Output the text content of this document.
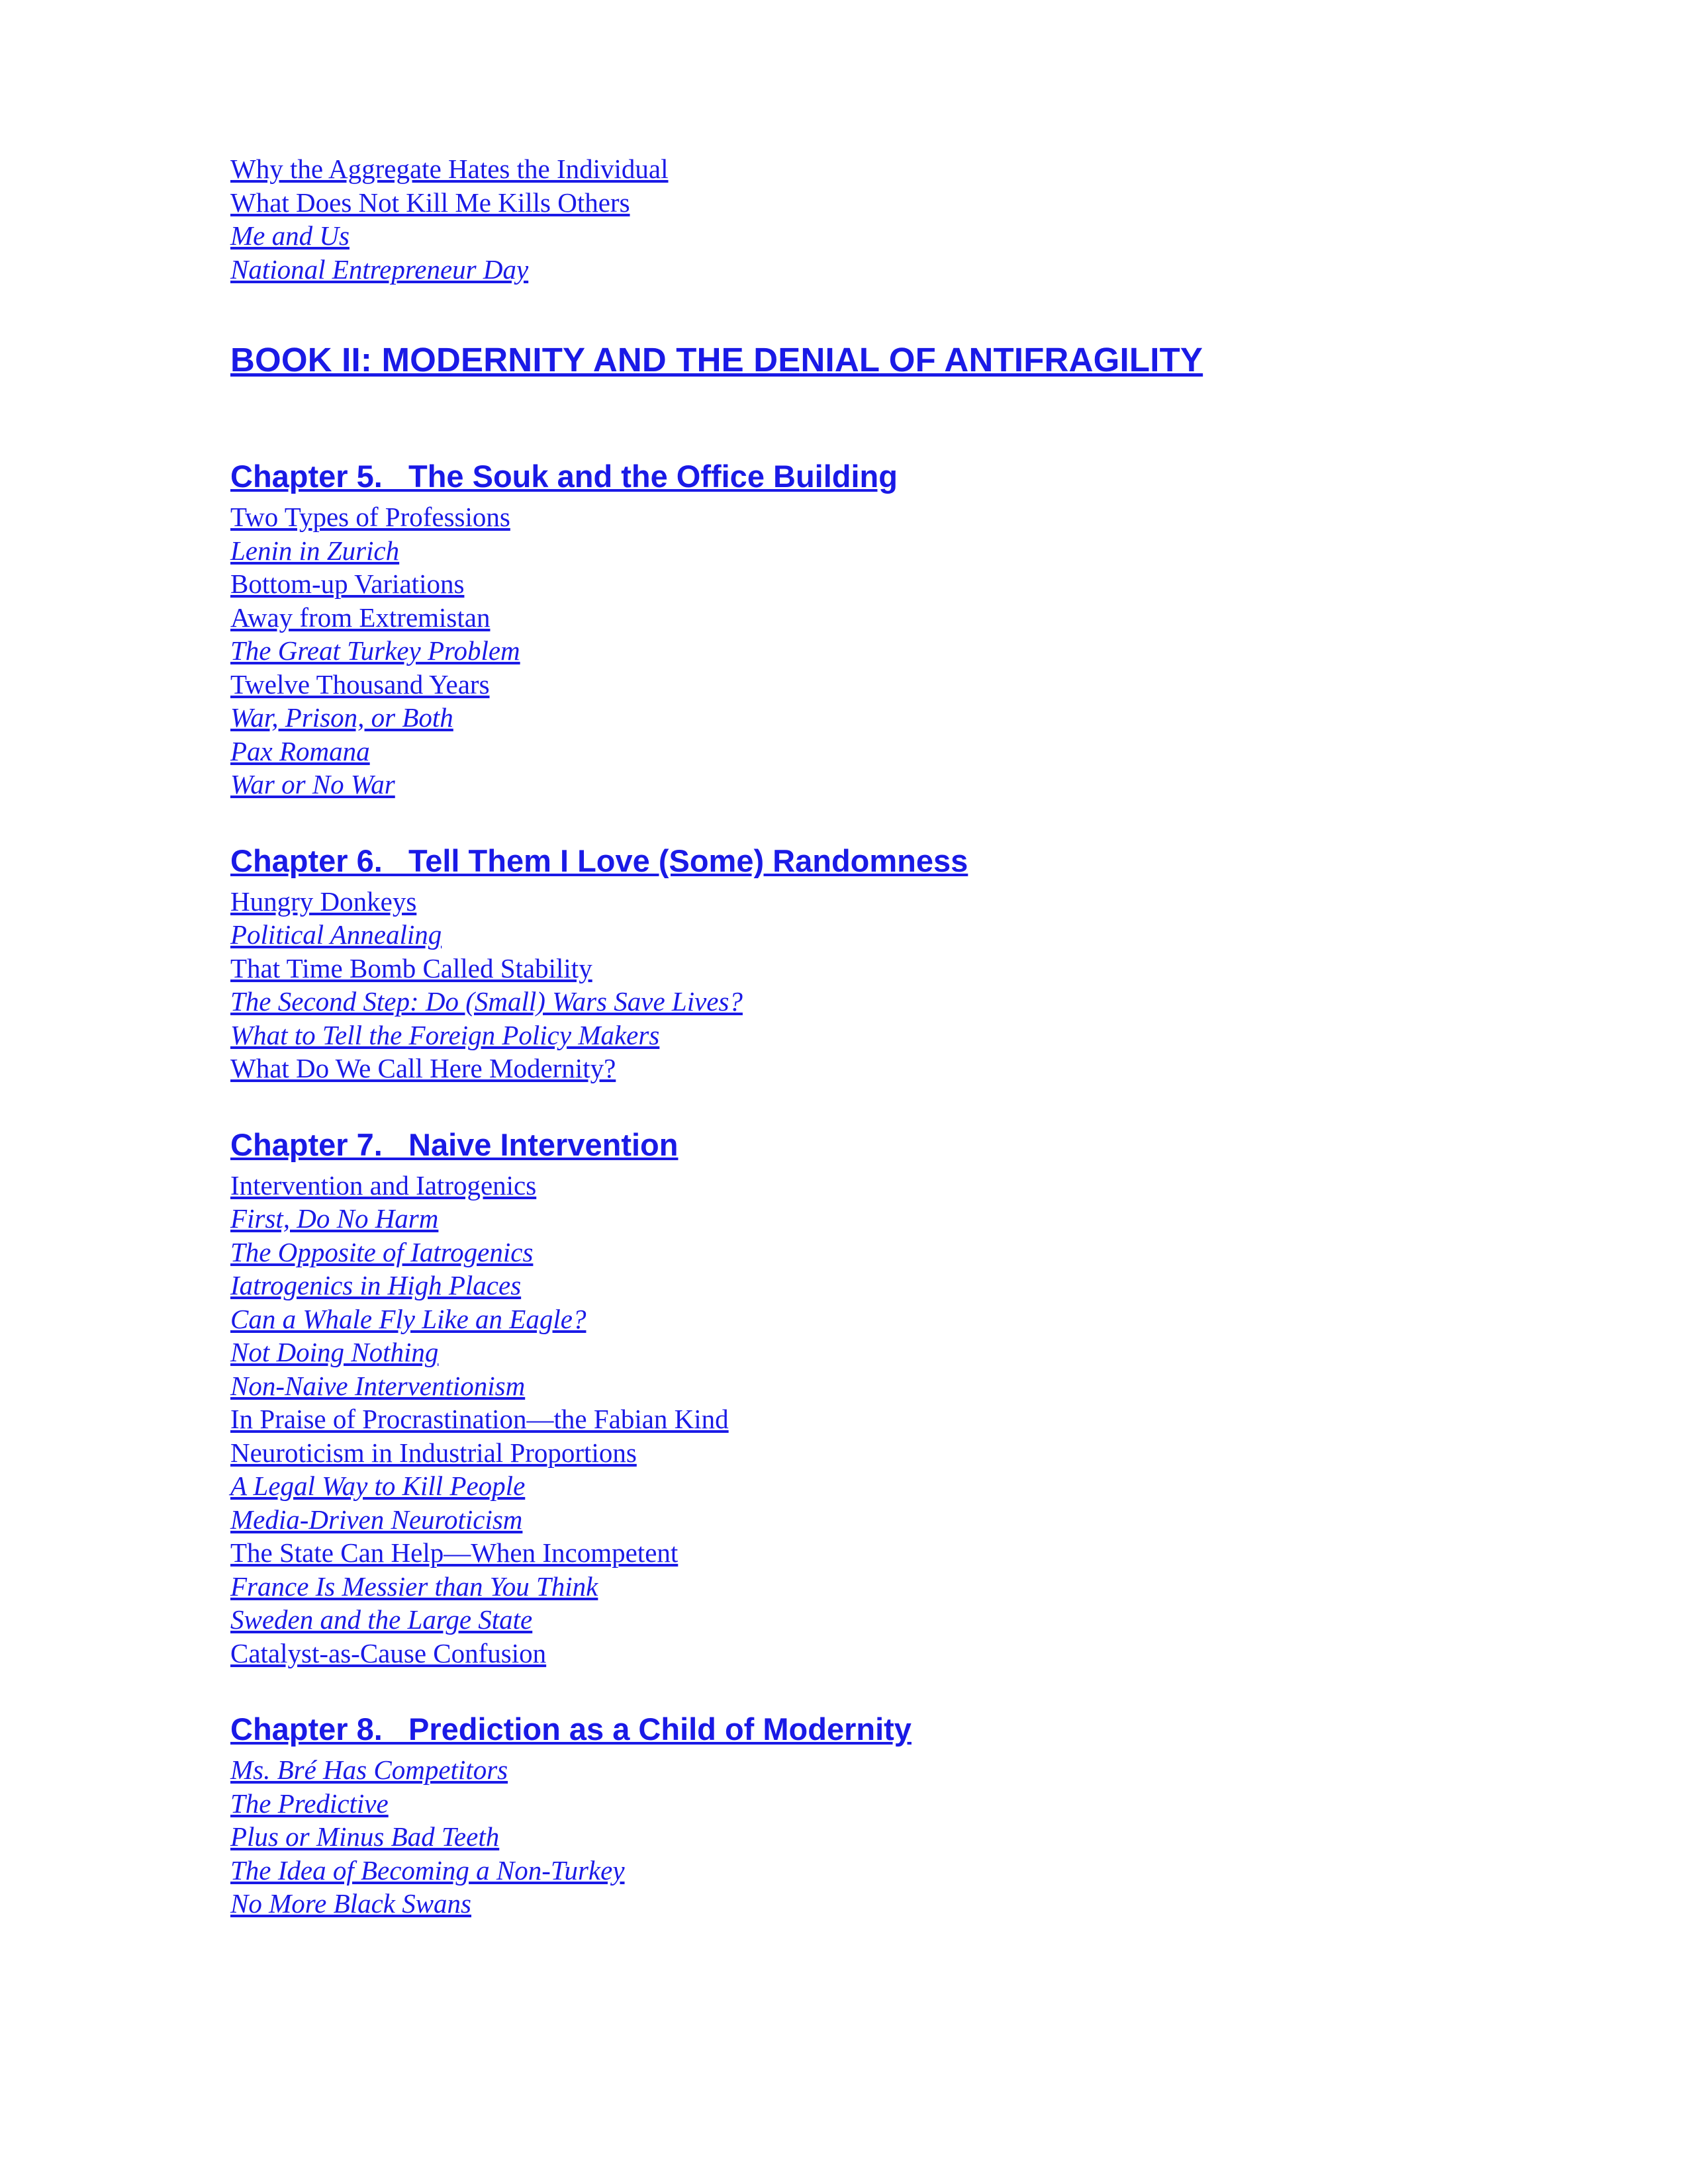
Why the Aggregate Hates the Individual
What Does Not Kill Me Kills Others
Me and Us
National Entrepreneur Day
BOOK II: MODERNITY AND THE DENIAL OF ANTIFRAGILITY
Chapter 5.   The Souk and the Office Building
Two Types of Professions
Lenin in Zurich
Bottom-up Variations
Away from Extremistan
The Great Turkey Problem
Twelve Thousand Years
War, Prison, or Both
Pax Romana
War or No War
Chapter 6.   Tell Them I Love (Some) Randomness
Hungry Donkeys
Political Annealing
That Time Bomb Called Stability
The Second Step: Do (Small) Wars Save Lives?
What to Tell the Foreign Policy Makers
What Do We Call Here Modernity?
Chapter 7.   Naive Intervention
Intervention and Iatrogenics
First, Do No Harm
The Opposite of Iatrogenics
Iatrogenics in High Places
Can a Whale Fly Like an Eagle?
Not Doing Nothing
Non-Naive Interventionism
In Praise of Procrastination—the Fabian Kind
Neuroticism in Industrial Proportions
A Legal Way to Kill People
Media-Driven Neuroticism
The State Can Help—When Incompetent
France Is Messier than You Think
Sweden and the Large State
Catalyst-as-Cause Confusion
Chapter 8.   Prediction as a Child of Modernity
Ms. Bré Has Competitors
The Predictive
Plus or Minus Bad Teeth
The Idea of Becoming a Non-Turkey
No More Black Swans
